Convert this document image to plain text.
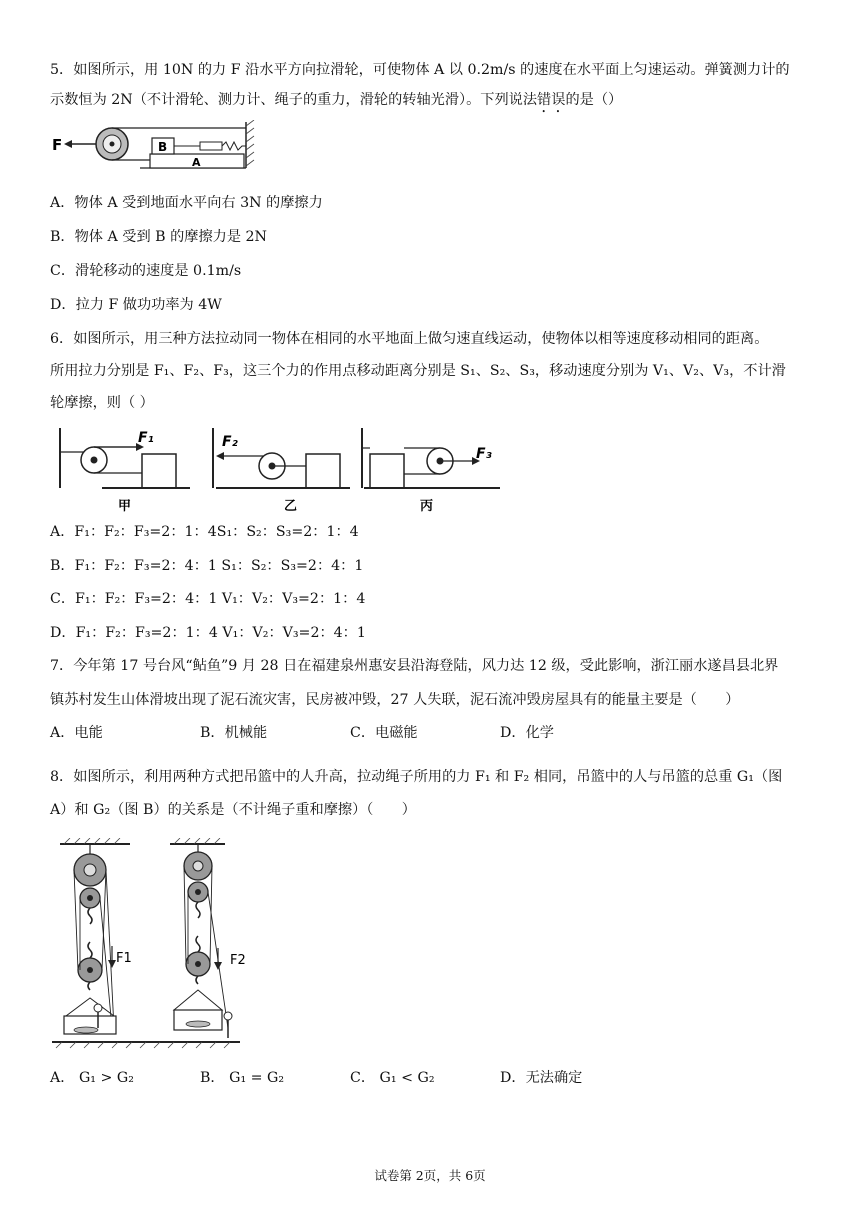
5．如图所示，用 10N 的力 F 沿水平方向拉滑轮，可使物体 A 以 0.2m/s 的速度在水平面上匀速运动。弹簧测力计的
示数恒为 2N（不计滑轮、测力计、绳子的重力，滑轮的转轴光滑）。下列说法错误的是（）
F	B
A
A．物体 A 受到地面水平向右 3N 的摩擦力
B．物体 A 受到 B 的摩擦力是 2N
C．滑轮移动的速度是 0.1m/s
D．拉力 F 做功功率为 4W
6．如图所示，用三种方法拉动同一物体在相同的水平地面上做匀速直线运动，使物体以相等速度移动相同的距离。
所用拉力分别是 F₁、F₂、F₃，这三个力的作用点移动距离分别是 S₁、S₂、S₃，移动速度分别为 V₁、V₂、V₃，不计滑
轮摩擦，则（ ）
F₁	F₂
F₃
甲	乙	丙
A．F₁：F₂：F₃=2：1：4S₁：S₂：S₃=2：1：4
B．F₁：F₂：F₃=2：4：1 S₁：S₂：S₃=2：4：1
C．F₁：F₂：F₃=2：4：1 V₁：V₂：V₃=2：1：4
D．F₁：F₂：F₃=2：1：4 V₁：V₂：V₃=2：4：1
7．今年第 17 号台风“鲇鱼”9 月 28 日在福建泉州惠安县沿海登陆，风力达 12 级，受此影响，浙江丽水遂昌县北界
镇苏村发生山体滑坡出现了泥石流灾害，民房被冲毁，27 人失联，泥石流冲毁房屋具有的能量主要是（　　）
A．电能	B．机械能	C．电磁能	D．化学
8．如图所示，利用两种方式把吊篮中的人升高，拉动绳子所用的力 F₁ 和 F₂ 相同，吊篮中的人与吊篮的总重 G₁（图
A）和 G₂（图 B）的关系是（不计绳子重和摩擦）（　　）
F1	F2
A． G₁ > G₂	B． G₁ = G₂	C． G₁ < G₂	D．无法确定
试卷第 2页，共 6页
